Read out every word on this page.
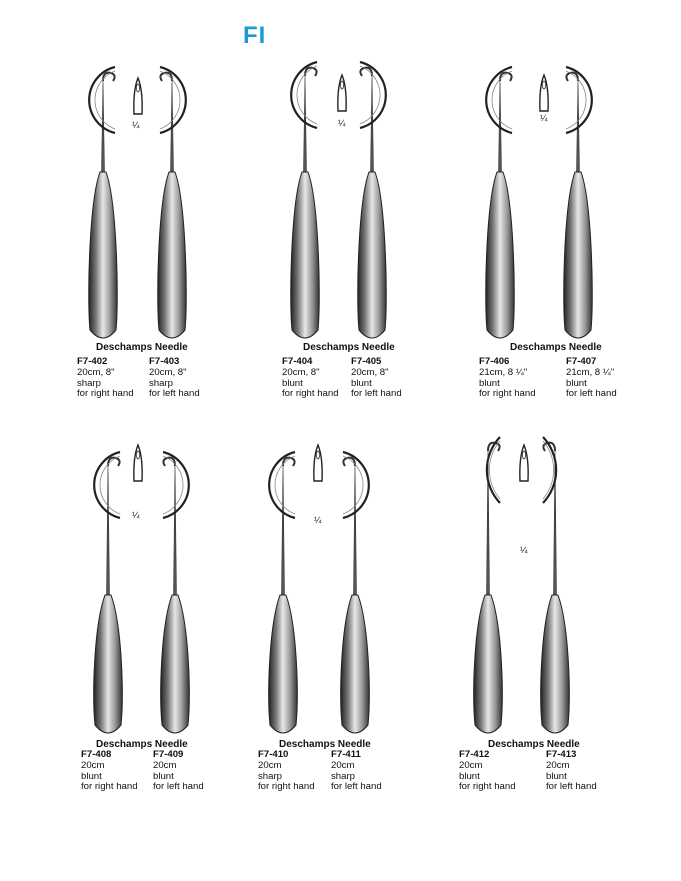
FI
Deschamps Needle
¼
F7-402
20cm, 8"
sharp
for right hand
F7-403
20cm, 8"
sharp
for left hand
Deschamps Needle
¼
F7-404
20cm, 8"
blunt
for right hand
F7-405
20cm, 8"
blunt
for left hand
Deschamps Needle
¼
F7-406
21cm, 8 ¼"
blunt
for right hand
F7-407
21cm, 8 ¼"
blunt
for left hand
Deschamps Needle
¼
F7-408
20cm
blunt
for right hand
F7-409
20cm
blunt
for left hand
Deschamps Needle
¼
F7-410
20cm
sharp
for right hand
F7-411
20cm
sharp
for left hand
Deschamps Needle
¼
F7-412
20cm
blunt
for right hand
F7-413
20cm
blunt
for left hand
